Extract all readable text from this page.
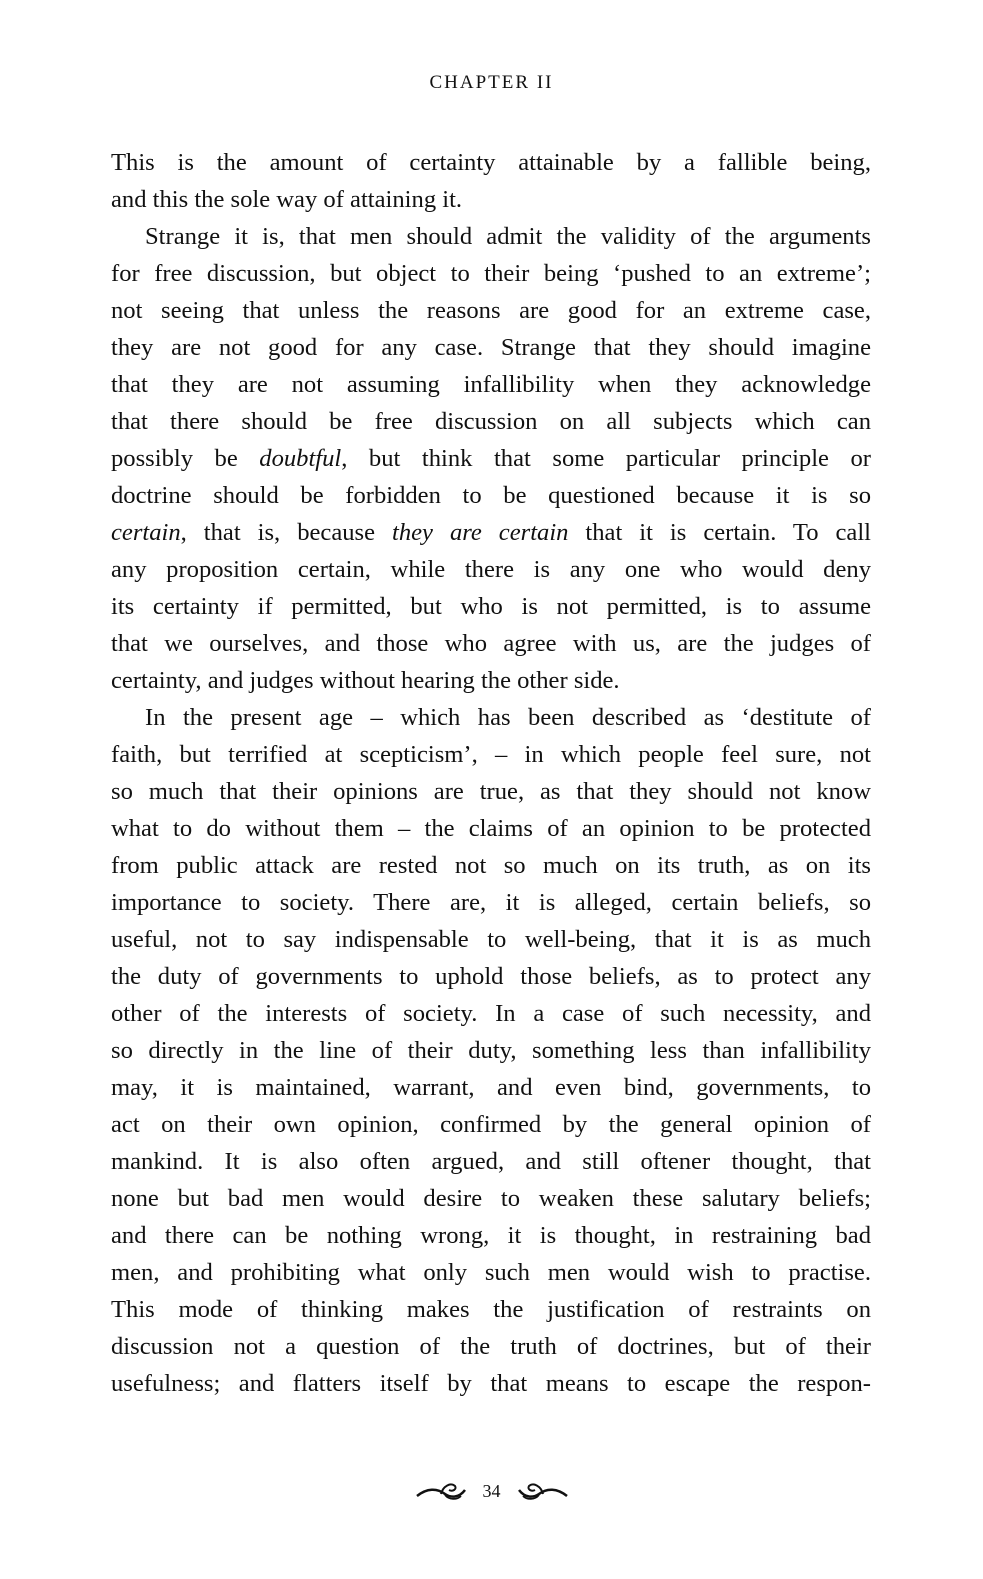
CHAPTER II
This is the amount of certainty attainable by a fallible being,
and this the sole way of attaining it.
Strange it is, that men should admit the validity of the arguments
for free discussion, but object to their being ‘pushed to an extreme’;
not seeing that unless the reasons are good for an extreme case,
they are not good for any case. Strange that they should imagine
that they are not assuming infallibility when they acknowledge
that there should be free discussion on all subjects which can
possibly be doubtful, but think that some particular principle or
doctrine should be forbidden to be questioned because it is so
certain, that is, because they are certain that it is certain. To call
any proposition certain, while there is any one who would deny
its certainty if permitted, but who is not permitted, is to assume
that we ourselves, and those who agree with us, are the judges of
certainty, and judges without hearing the other side.
In the present age – which has been described as ‘destitute of
faith, but terrified at scepticism’, – in which people feel sure, not
so much that their opinions are true, as that they should not know
what to do without them – the claims of an opinion to be protected
from public attack are rested not so much on its truth, as on its
importance to society. There are, it is alleged, certain beliefs, so
useful, not to say indispensable to well-being, that it is as much
the duty of governments to uphold those beliefs, as to protect any
other of the interests of society. In a case of such necessity, and
so directly in the line of their duty, something less than infallibility
may, it is maintained, warrant, and even bind, governments, to
act on their own opinion, confirmed by the general opinion of
mankind. It is also often argued, and still oftener thought, that
none but bad men would desire to weaken these salutary beliefs;
and there can be nothing wrong, it is thought, in restraining bad
men, and prohibiting what only such men would wish to practise.
This mode of thinking makes the justification of restraints on
discussion not a question of the truth of doctrines, but of their
usefulness; and flatters itself by that means to escape the respon-
34
